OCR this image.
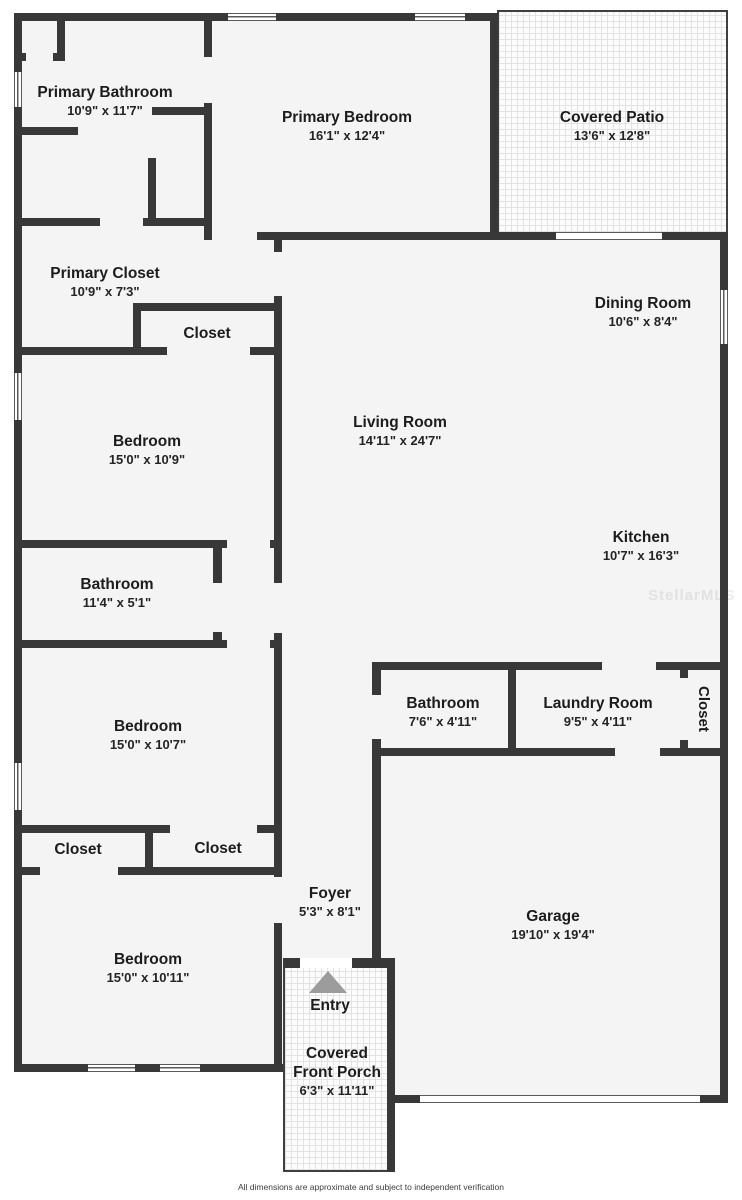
Primary Bathroom
10'9" x 11'7"	Primary Bedroom
16'1" x 12'4"
Covered Patio
13'6" x 12'8"
Primary Closet
10'9" x 7'3"
Closet
Dining Room
10'6" x 8'4"
Living Room
14'11" x 24'7"
Bedroom
15'0" x 10'9"
Bathroom
11'4" x 5'1"
Kitchen
10'7" x 16'3"
Bedroom
15'0" x 10'7"
Bathroom
7'6" x 4'11"
Laundry Room
9'5" x 4'11"	Closet
Closet	Closet
Foyer
5'3" x 8'1"
Bedroom
15'0" x 10'11"
Entry
Covered Front Porch
6'3" x 11'11"
Garage
19'10" x 19'4"
StellarMLS
All dimensions are approximate and subject to independent verification
